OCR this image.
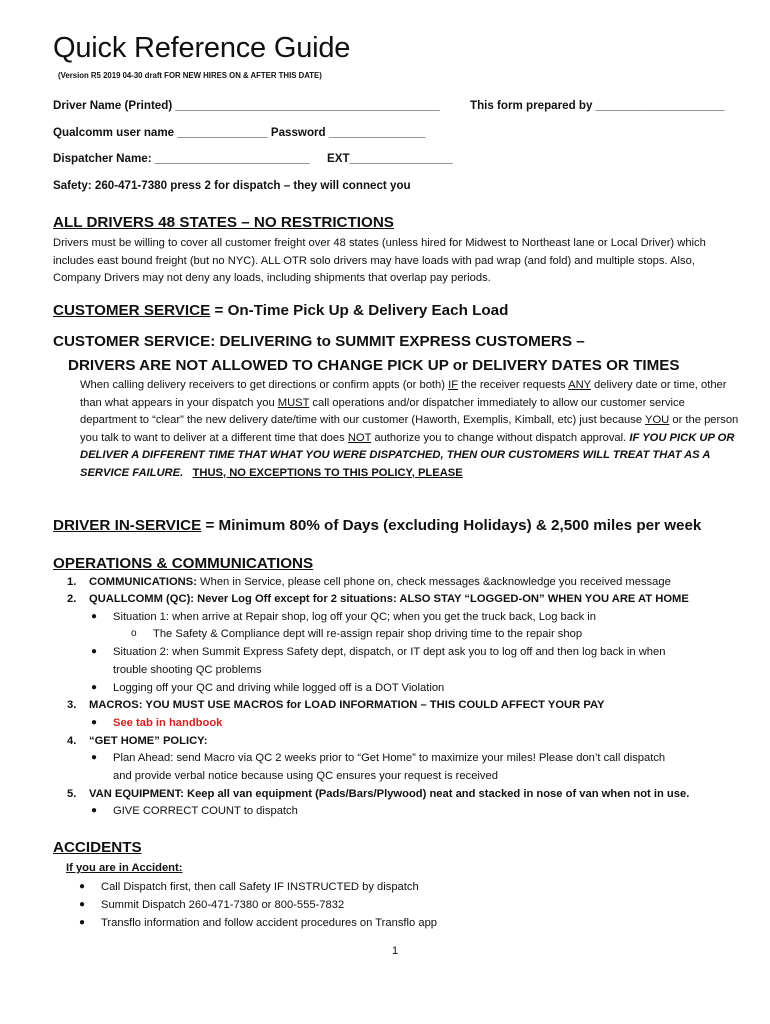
Quick Reference Guide
(Version R5 2019 04-30 draft FOR NEW HIRES ON & AFTER THIS DATE)
Driver Name (Printed) _________________________________________	This form prepared by ____________________
Qualcomm user name ______________ Password _______________
Dispatcher Name: ________________________ EXT________________
Safety: 260-471-7380 press 2 for dispatch – they will connect you
ALL DRIVERS 48 STATES – NO RESTRICTIONS
Drivers must be willing to cover all customer freight over 48 states (unless hired for Midwest to Northeast lane or Local Driver) which includes east bound freight (but no NYC). ALL OTR solo drivers may have loads with pad wrap (and fold) and multiple stops. Also, Company Drivers may not deny any loads, including shipments that overlap pay periods.
CUSTOMER SERVICE = On-Time Pick Up & Delivery Each Load
CUSTOMER SERVICE: DELIVERING to SUMMIT EXPRESS CUSTOMERS –
DRIVERS ARE NOT ALLOWED TO CHANGE PICK UP or DELIVERY DATES OR TIMES
When calling delivery receivers to get directions or confirm appts (or both) IF the receiver requests ANY delivery date or time, other than what appears in your dispatch you MUST call operations and/or dispatcher immediately to allow our customer service department to “clear” the new delivery date/time with our customer (Haworth, Exemplis, Kimball, etc) just because YOU or the person you talk to want to deliver at a different time that does NOT authorize you to change without dispatch approval. IF YOU PICK UP OR DELIVER A DIFFERENT TIME THAT WHAT YOU WERE DISPATCHED, THEN OUR CUSTOMERS WILL TREAT THAT AS A SERVICE FAILURE. THUS, NO EXCEPTIONS TO THIS POLICY, PLEASE
DRIVER IN-SERVICE = Minimum 80% of Days (excluding Holidays) & 2,500 miles per week
OPERATIONS & COMMUNICATIONS
1. COMMUNICATIONS: When in Service, please cell phone on, check messages &acknowledge you received message
2. QUALLCOMM (QC): Never Log Off except for 2 situations: ALSO STAY “LOGGED-ON” WHEN YOU ARE AT HOME
● Situation 1: when arrive at Repair shop, log off your QC; when you get the truck back, Log back in
o The Safety & Compliance dept will re-assign repair shop driving time to the repair shop
● Situation 2: when Summit Express Safety dept, dispatch, or IT dept ask you to log off and then log back in when
trouble shooting QC problems
● Logging off your QC and driving while logged off is a DOT Violation
3. MACROS: YOU MUST USE MACROS for LOAD INFORMATION – THIS COULD AFFECT YOUR PAY
● See tab in handbook
4. “GET HOME” POLICY:
● Plan Ahead: send Macro via QC 2 weeks prior to “Get Home” to maximize your miles! Please don’t call dispatch
and provide verbal notice because using QC ensures your request is received
5. VAN EQUIPMENT: Keep all van equipment (Pads/Bars/Plywood) neat and stacked in nose of van when not in use.
● GIVE CORRECT COUNT to dispatch
ACCIDENTS
If you are in Accident:
● Call Dispatch first, then call Safety IF INSTRUCTED by dispatch
● Summit Dispatch 260-471-7380 or 800-555-7832
● Transflo information and follow accident procedures on Transflo app
1
